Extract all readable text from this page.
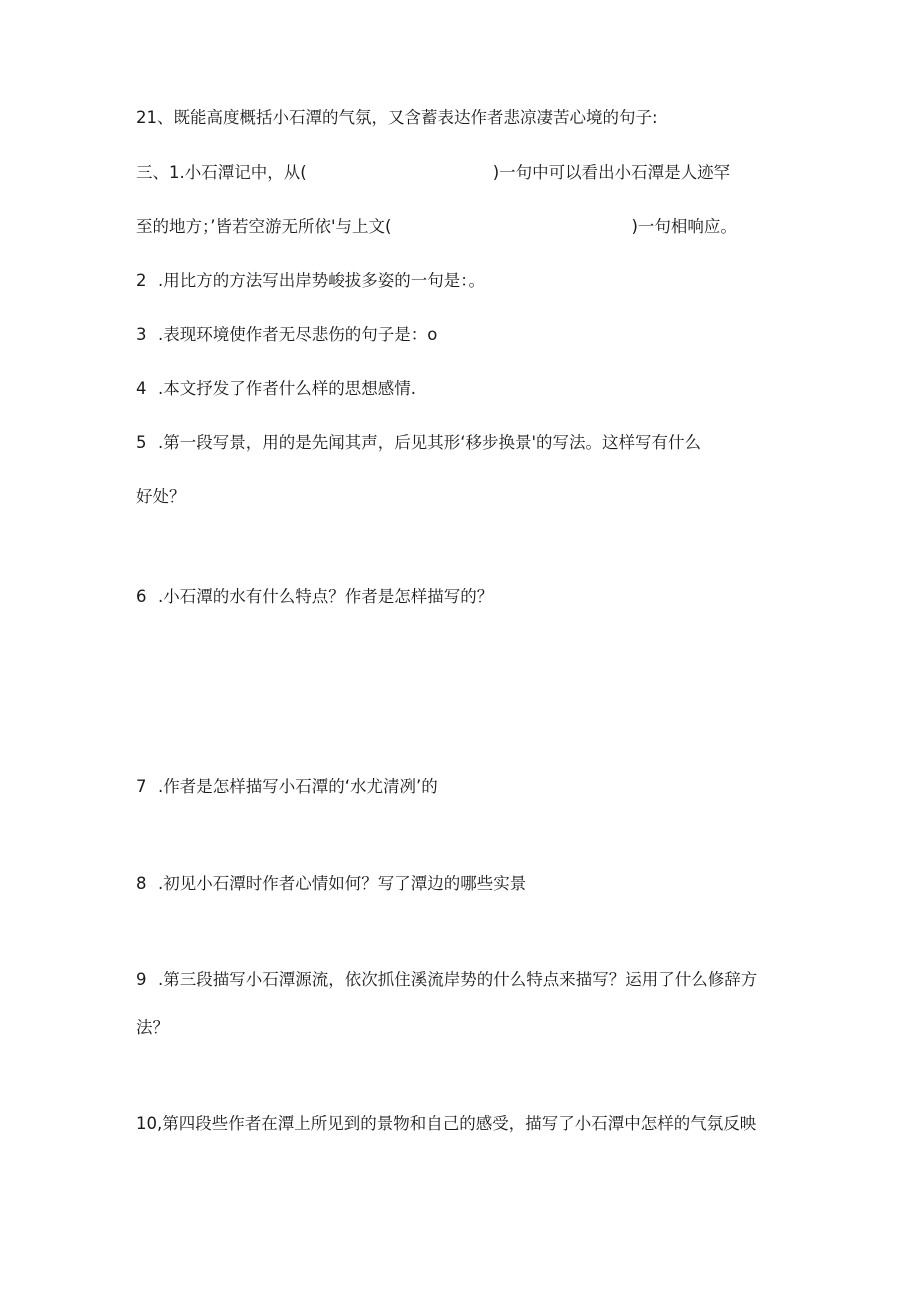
21、既能高度概括小石潭的气氛，又含蓄表达作者悲凉凄苦心境的句子:
三、1.小石潭记中，从(	)一句中可以看出小石潭是人迹罕
至的地方；’皆若空游无所依'与上文(	)一句相响应。
2 .用比方的方法写出岸势峻拔多姿的一句是：。
3 .表现环境使作者无尽悲伤的句子是：o
4 .本文抒发了作者什么样的思想感情.
5 .第一段写景，用的是先闻其声，后见其形‘移步换景'的写法。这样写有什么
好处？
6 .小石潭的水有什么特点？作者是怎样描写的？
7 .作者是怎样描写小石潭的‘水尤清冽’的
8 .初见小石潭时作者心情如何？写了潭边的哪些实景
9 .第三段描写小石潭源流，依次抓住溪流岸势的什么特点来描写？运用了什么修辞方
法？
10,第四段些作者在潭上所见到的景物和自己的感受，描写了小石潭中怎样的气氛反映
